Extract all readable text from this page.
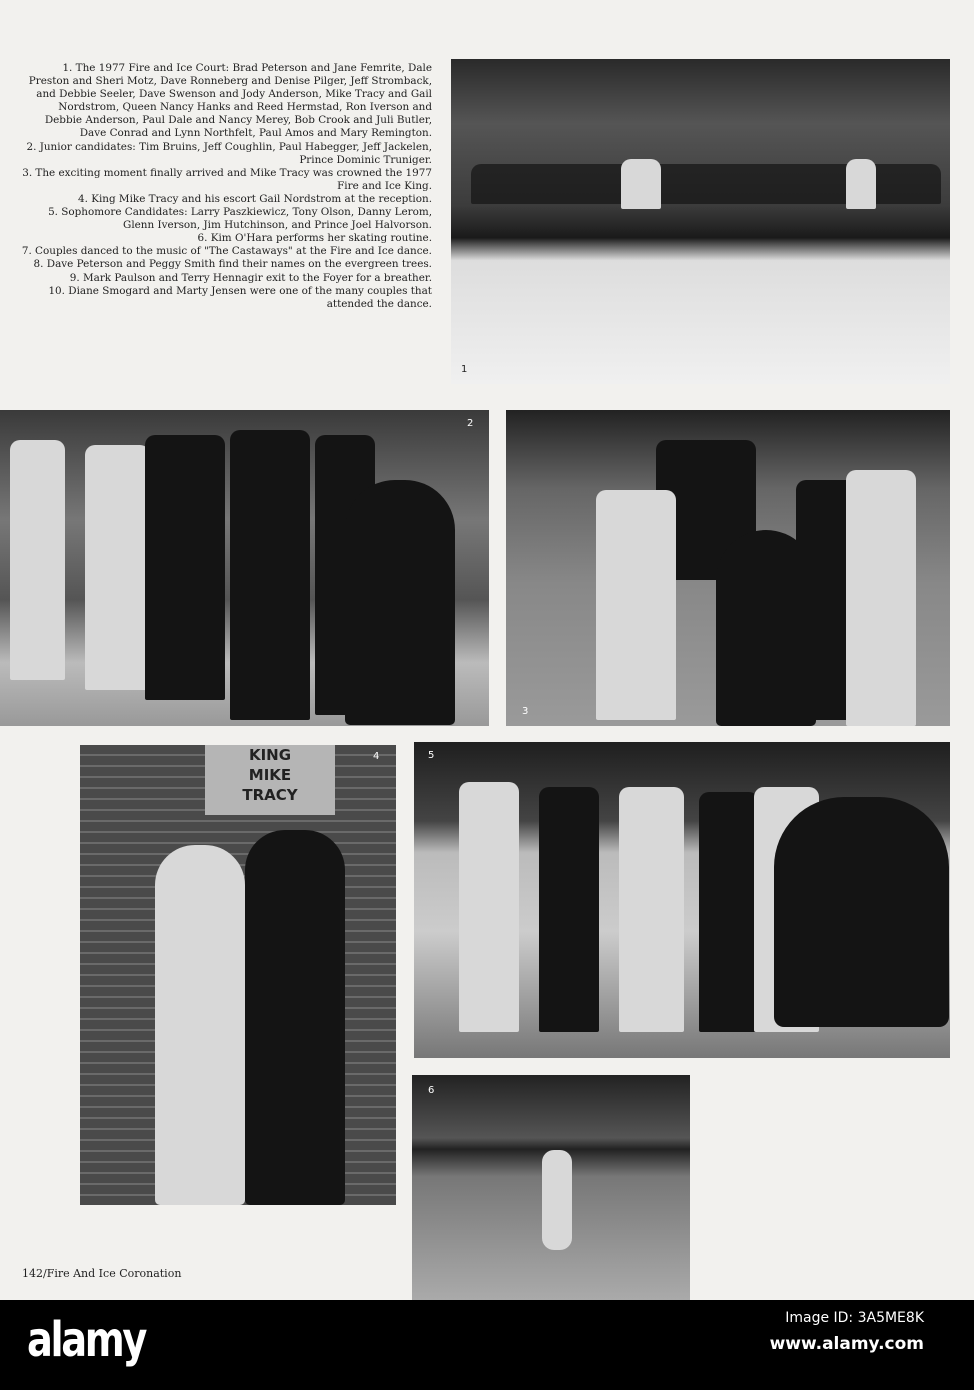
1. The 1977 Fire and Ice Court: Brad Peterson and Jane Femrite, Dale Preston and Sheri Motz, Dave Ronneberg and Denise Pilger, Jeff Stromback, and Debbie Seeler, Dave Swenson and Jody Anderson, Mike Tracy and Gail Nordstrom, Queen Nancy Hanks and Reed Hermstad, Ron Iverson and Debbie Anderson, Paul Dale and Nancy Merey, Bob Crook and Juli Butler, Dave Conrad and Lynn Northfelt, Paul Amos and Mary Remington.

2. Junior candidates: Tim Bruins, Jeff Coughlin, Paul Habegger, Jeff Jackelen, Prince Dominic Truniger.

3. The exciting moment finally arrived and Mike Tracy was crowned the 1977 Fire and Ice King.

4. King Mike Tracy and his escort Gail Nordstrom at the reception.

5. Sophomore Candidates: Larry Paszkiewicz, Tony Olson, Danny Lerom, Glenn Iverson, Jim Hutchinson, and Prince Joel Halvorson.

6. Kim O'Hara performs her skating routine.

7. Couples danced to the music of "The Castaways" at the Fire and Ice dance.

8. Dave Peterson and Peggy Smith find their names on the evergreen trees.

9. Mark Paulson and Terry Hennagir exit to the Foyer for a breather.

10. Diane Smogard and Marty Jensen were one of the many couples that attended the dance.

1
2
3
KING
MIKE
TRACY
4	5
6
142/Fire And Ice Coronation
alamy	Image ID: 3A5ME8K
www.alamy.com
